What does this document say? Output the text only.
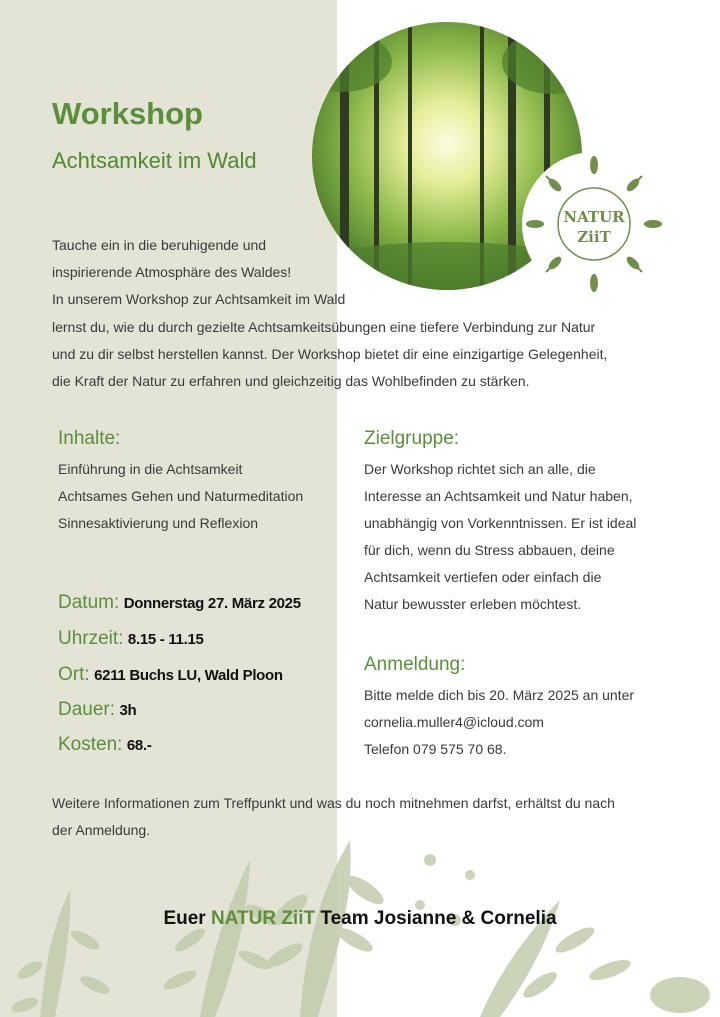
Workshop
Achtsamkeit im Wald
NATUR
ZiiT
Tauche ein in die beruhigende und
inspirierende Atmosphäre des Waldes!
In unserem Workshop zur Achtsamkeit im Wald
lernst du, wie du durch gezielte Achtsamkeitsübungen eine tiefere Verbindung zur Natur
und zu dir selbst herstellen kannst. Der Workshop bietet dir eine einzigartige Gelegenheit,
die Kraft der Natur zu erfahren und gleichzeitig das Wohlbefinden zu stärken.
Inhalte:
Einführung in die Achtsamkeit
Achtsames Gehen und Naturmeditation
Sinnesaktivierung und Reflexion
Zielgruppe:
Der Workshop richtet sich an alle, die
Interesse an Achtsamkeit und Natur haben,
unabhängig von Vorkenntnissen. Er ist ideal
für dich, wenn du Stress abbauen, deine
Achtsamkeit vertiefen oder einfach die
Natur bewusster erleben möchtest.
Datum: Donnerstag 27. März 2025
Uhrzeit: 8.15 - 11.15
Ort: 6211 Buchs LU, Wald Ploon
Dauer: 3h
Kosten: 68.-
Anmeldung:
Bitte melde dich bis 20. März 2025 an unter
cornelia.muller4@icloud.com
Telefon 079 575 70 68.
Weitere Informationen zum Treffpunkt und was du noch mitnehmen darfst, erhältst du nach
der Anmeldung.
Euer NATUR ZiiT Team Josianne & Cornelia
